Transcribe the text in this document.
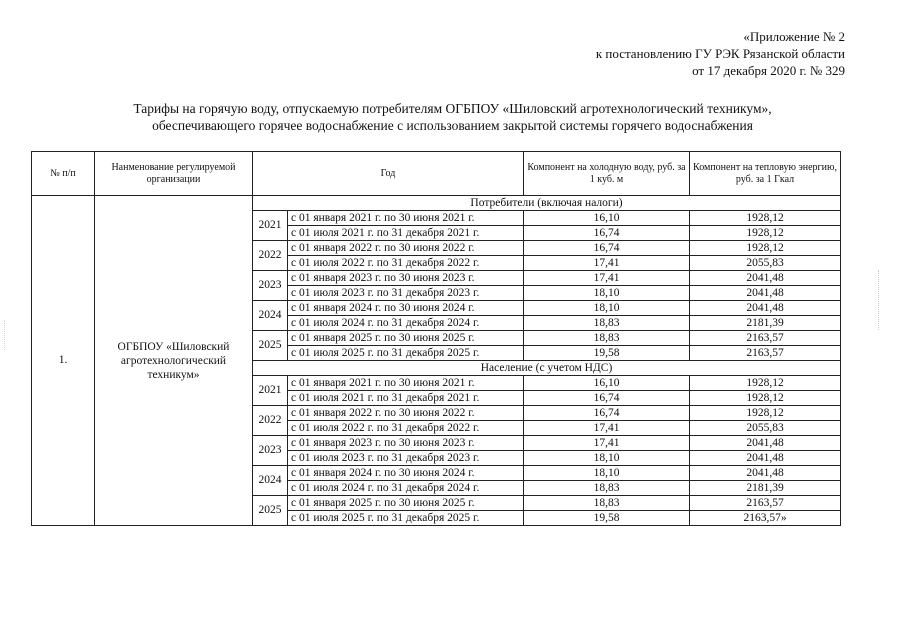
«Приложение № 2
к постановлению ГУ РЭК Рязанской области
от 17 декабря 2020 г. № 329
Тарифы на горячую воду, отпускаемую потребителям ОГБПОУ «Шиловский агротехнологический техникум»,
обеспечивающего горячее водоснабжение с использованием закрытой системы горячего водоснабжения
№ п/п	Нанменование регулируемой организации	Год		Компонент на холодную воду, руб. за 1 куб. м	Компонент на тепловую энергию, руб. за 1 Гкал
1.	ОГБПОУ «Шиловский агротехнологический техникум»	Потребители (включая налоги)			
		2021	с 01 января 2021 г. по 30 июня 2021 г.	16,10	1928,12
			с 01 июля 2021 г. по 31 декабря 2021 г.	16,74	1928,12
		2022	с 01 января 2022 г. по 30 июня 2022 г.	16,74	1928,12
			с 01 июля 2022 г. по 31 декабря 2022 г.	17,41	2055,83
		2023	с 01 января 2023 г. по 30 июня 2023 г.	17,41	2041,48
			с 01 июля 2023 г. по 31 декабря 2023 г.	18,10	2041,48
		2024	с 01 января 2024 г. по 30 июня 2024 г.	18,10	2041,48
			с 01 июля 2024 г. по 31 декабря 2024 г.	18,83	2181,39
		2025	с 01 января 2025 г. по 30 июня 2025 г.	18,83	2163,57
			с 01 июля 2025 г. по 31 декабря 2025 г.	19,58	2163,57
		Население (с учетом НДС)			
		2021	с 01 января 2021 г. по 30 июня 2021 г.	16,10	1928,12
			с 01 июля 2021 г. по 31 декабря 2021 г.	16,74	1928,12
		2022	с 01 января 2022 г. по 30 июня 2022 г.	16,74	1928,12
			с 01 июля 2022 г. по 31 декабря 2022 г.	17,41	2055,83
		2023	с 01 января 2023 г. по 30 июня 2023 г.	17,41	2041,48
			с 01 июля 2023 г. по 31 декабря 2023 г.	18,10	2041,48
		2024	с 01 января 2024 г. по 30 июня 2024 г.	18,10	2041,48
			с 01 июля 2024 г. по 31 декабря 2024 г.	18,83	2181,39
		2025	с 01 января 2025 г. по 30 июня 2025 г.	18,83	2163,57
			с 01 июля 2025 г. по 31 декабря 2025 г.	19,58	2163,57»
